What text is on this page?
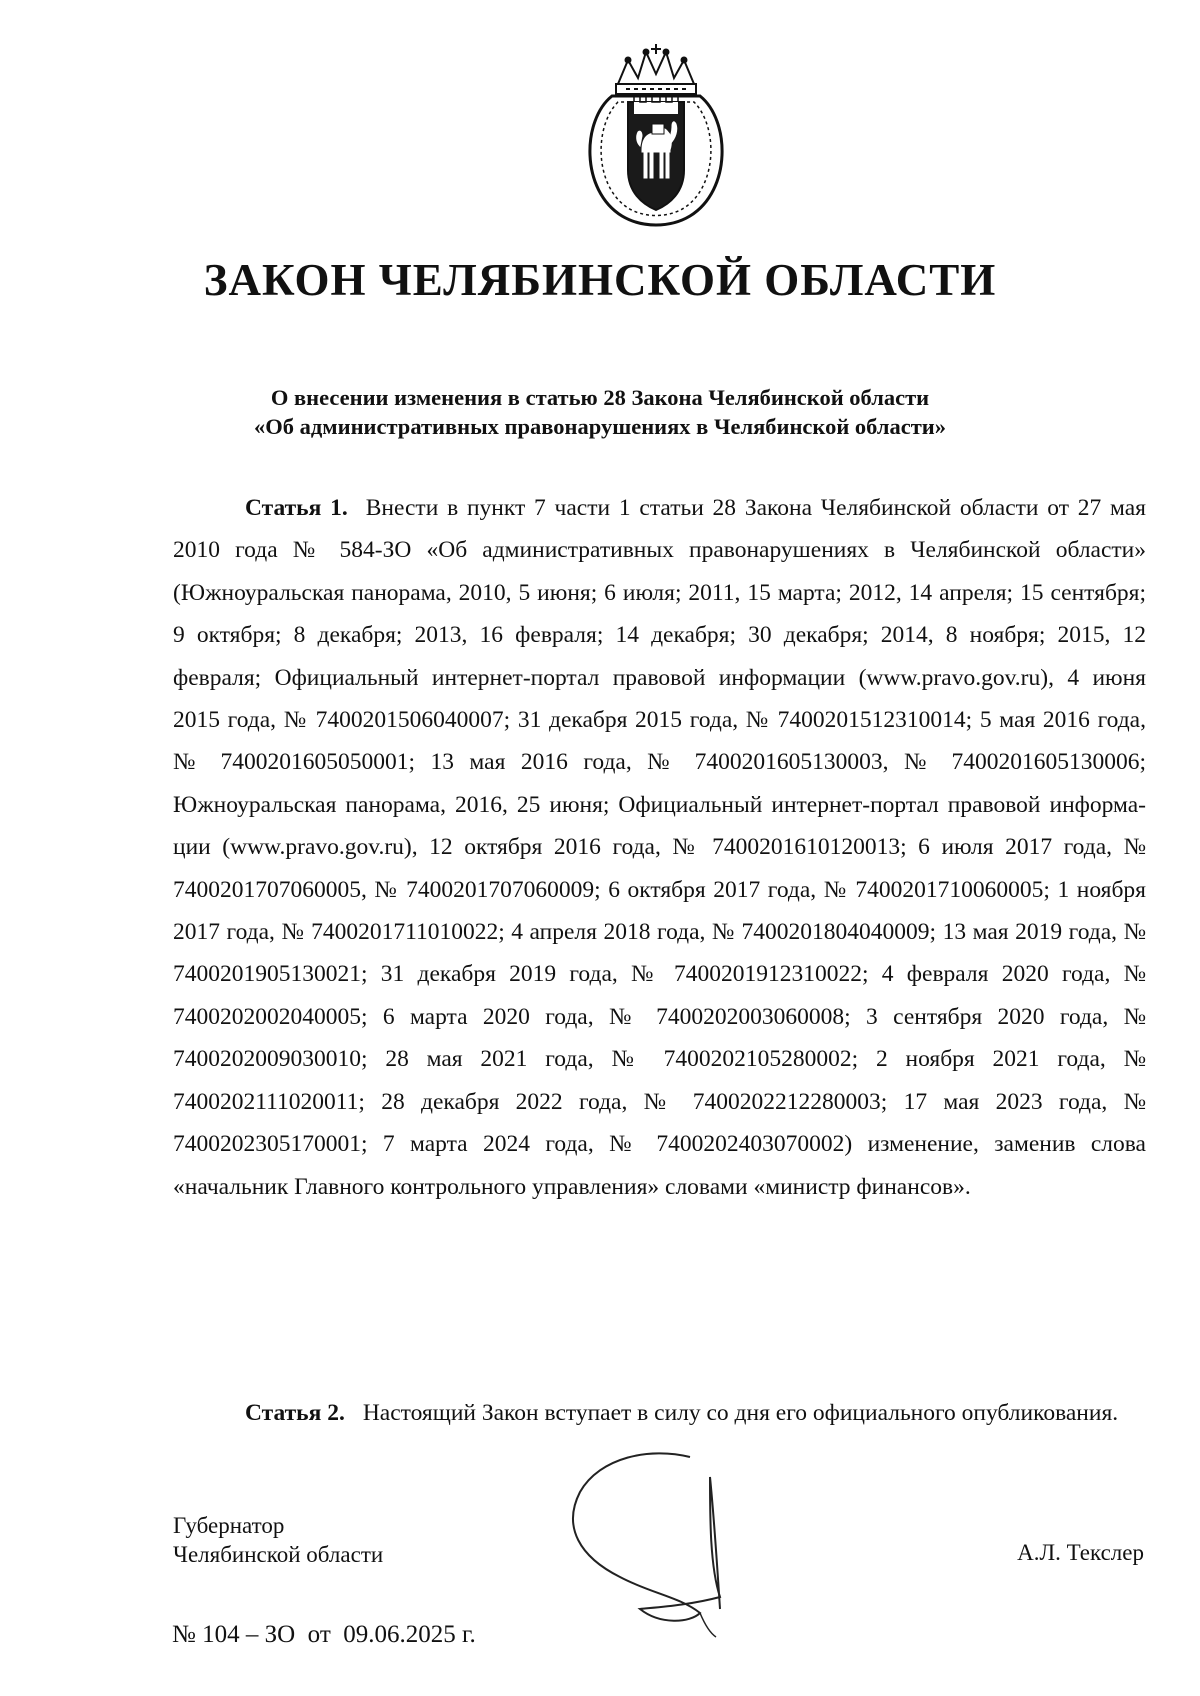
ЗАКОН ЧЕЛЯБИНСКОЙ ОБЛАСТИ
О внесении изменения в статью 28 Закона Челябинской области
«Об административных правонарушениях в Челябинской области»

Статья 1. Внести в пункт 7 части 1 статьи 28 Закона Челябинской области от 27 мая 2010 года № 584-ЗО «Об административных правонарушениях в Челябинской области» (Южноуральская панорама, 2010, 5 июня; 6 июля; 2011, 15 марта; 2012, 14 апреля; 15 сентября; 9 октября; 8 декабря; 2013, 16 февраля; 14 декабря; 30 декабря; 2014, 8 ноября; 2015, 12 февраля; Официальный интернет-портал правовой информации (www.pravo.gov.ru), 4 июня 2015 года, № 7400201506040007; 31 декабря 2015 года, № 7400201512310014; 5 мая 2016 года, № 7400201605050001; 13 мая 2016 года, № 7400201605130003, № 7400201605130006; Южноуральская панорама, 2016, 25 июня; Официальный интернет-портал правовой информации (www.pravo.gov.ru), 12 октября 2016 года, № 7400201610120013; 6 июля 2017 года, № 7400201707060005, № 7400201707060009; 6 октября 2017 года, № 7400201710060005; 1 ноября 2017 года, № 7400201711010022; 4 апреля 2018 года, № 7400201804040009; 13 мая 2019 года, № 7400201905130021; 31 декабря 2019 года, № 7400201912310022; 4 февраля 2020 года, № 7400202002040005; 6 марта 2020 года, № 7400202003060008; 3 сентября 2020 года, № 7400202009030010; 28 мая 2021 года, № 7400202105280002; 2 ноября 2021 года, № 7400202111020011; 28 декабря 2022 года, № 7400202212280003; 17 мая 2023 года, № 7400202305170001; 7 марта 2024 года, № 7400202403070002) изменение, заменив слова «начальник Главного контрольного управления» словами «министр финансов».

Статья 2. Настоящий Закон вступает в силу со дня его официального опубликования.

Губернатор
Челябинской области	А.Л. Текслер
№ 104 – ЗО  от  09.06.2025 г.
